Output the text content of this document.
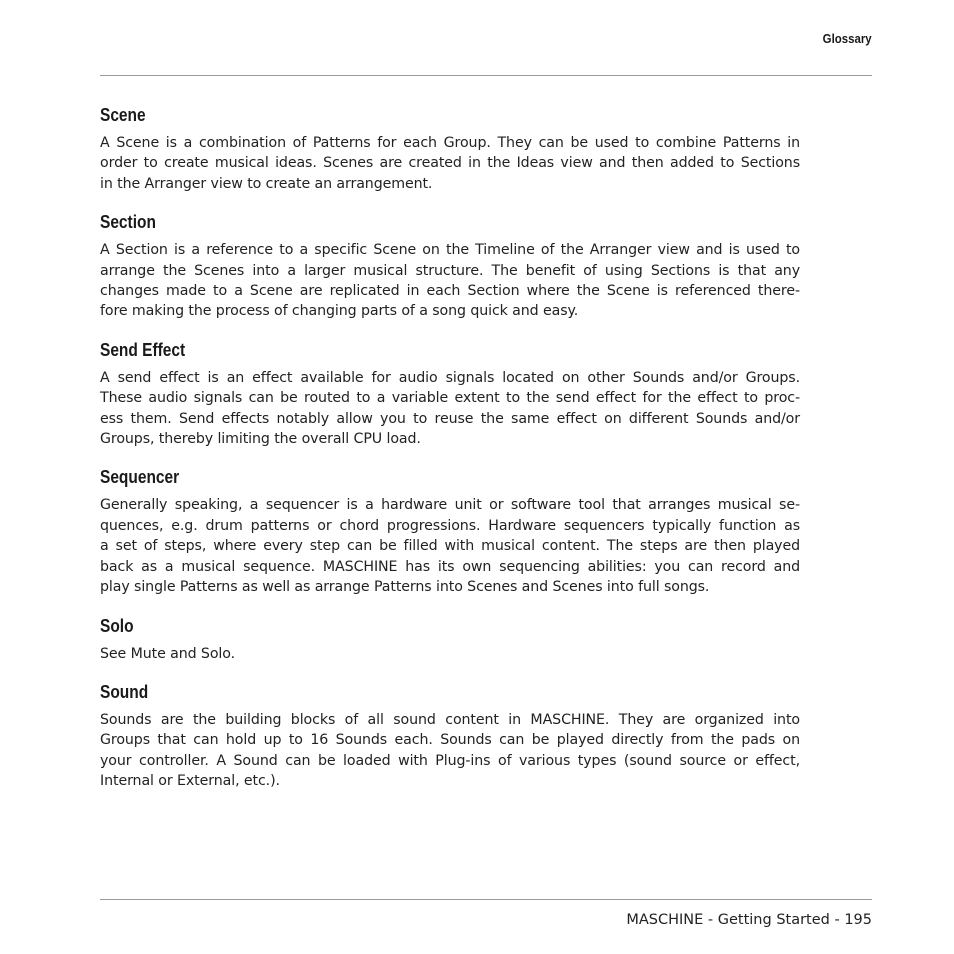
Glossary
Scene

A Scene is a combination of Patterns for each Group. They can be used to combine Patterns in
order to create musical ideas. Scenes are created in the Ideas view and then added to Sections
in the Arranger view to create an arrangement.

Section

A Section is a reference to a specific Scene on the Timeline of the Arranger view and is used to
arrange the Scenes into a larger musical structure. The benefit of using Sections is that any
changes made to a Scene are replicated in each Section where the Scene is referenced there-
fore making the process of changing parts of a song quick and easy.

Send Effect

A send effect is an effect available for audio signals located on other Sounds and/or Groups.
These audio signals can be routed to a variable extent to the send effect for the effect to proc-
ess them. Send effects notably allow you to reuse the same effect on different Sounds and/or
Groups, thereby limiting the overall CPU load.

Sequencer

Generally speaking, a sequencer is a hardware unit or software tool that arranges musical se-
quences, e.g. drum patterns or chord progressions. Hardware sequencers typically function as
a set of steps, where every step can be filled with musical content. The steps are then played
back as a musical sequence. MASCHINE has its own sequencing abilities: you can record and
play single Patterns as well as arrange Patterns into Scenes and Scenes into full songs.

Solo

See Mute and Solo.

Sound

Sounds are the building blocks of all sound content in MASCHINE. They are organized into
Groups that can hold up to 16 Sounds each. Sounds can be played directly from the pads on
your controller. A Sound can be loaded with Plug-ins of various types (sound source or effect,
Internal or External, etc.).

MASCHINE - Getting Started - 195
